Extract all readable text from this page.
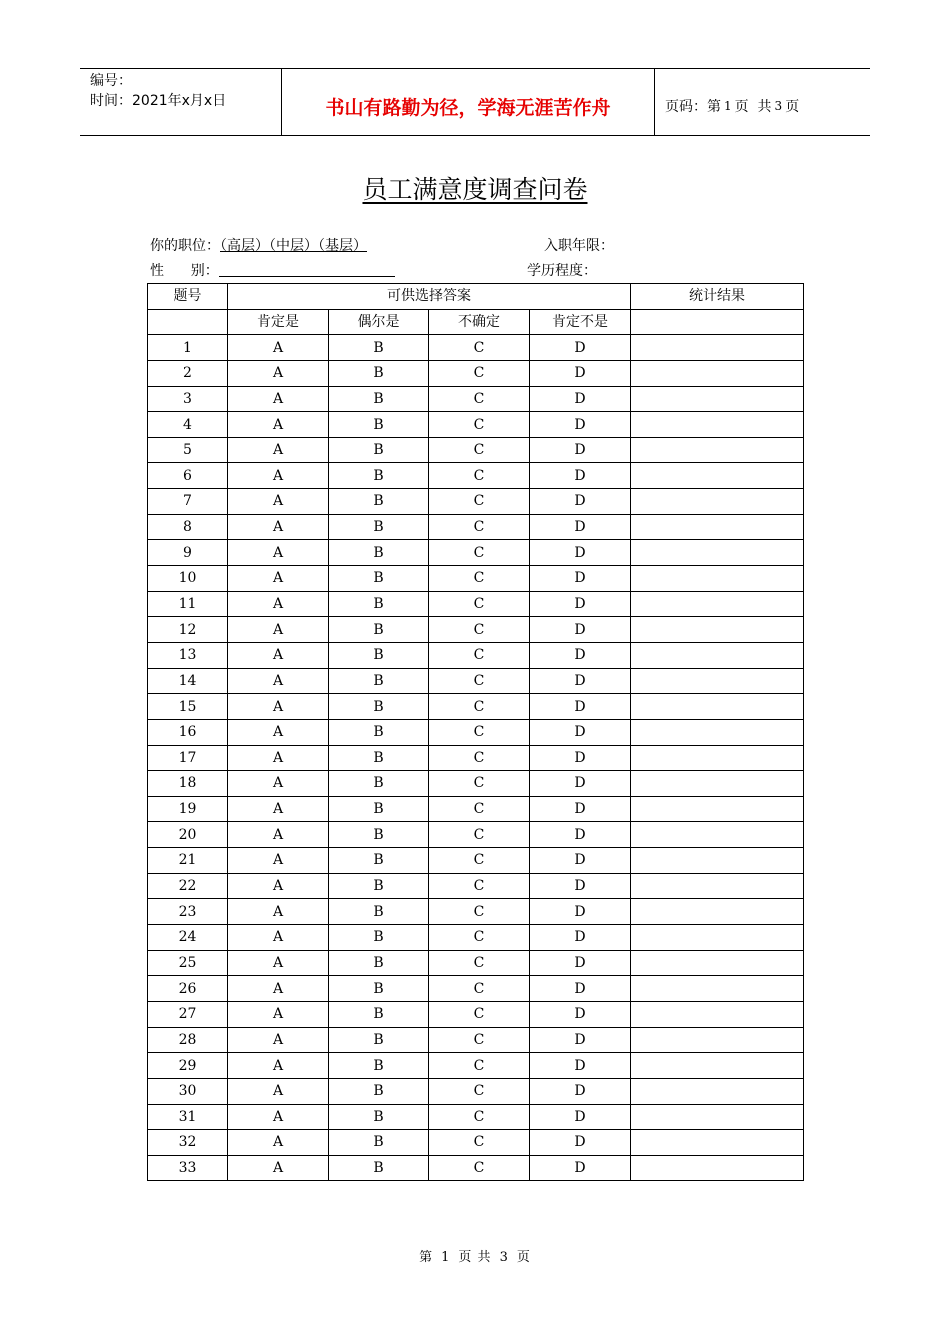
编号：
时间：2021年x月x日	书山有路勤为径，学海无涯苦作舟	页码：第 1 页  共 3 页
员工满意度调查问卷
你的职位：（高层）（中层）（基层）	入职年限：
性      别：	学历程度：
题号	可供选择答案				统计结果
	肯定是	偶尔是	不确定	肯定不是	
1	A	B	C	D	
2	A	B	C	D	
3	A	B	C	D	
4	A	B	C	D	
5	A	B	C	D	
6	A	B	C	D	
7	A	B	C	D	
8	A	B	C	D	
9	A	B	C	D	
10	A	B	C	D	
11	A	B	C	D	
12	A	B	C	D	
13	A	B	C	D	
14	A	B	C	D	
15	A	B	C	D	
16	A	B	C	D	
17	A	B	C	D	
18	A	B	C	D	
19	A	B	C	D	
20	A	B	C	D	
21	A	B	C	D	
22	A	B	C	D	
23	A	B	C	D	
24	A	B	C	D	
25	A	B	C	D	
26	A	B	C	D	
27	A	B	C	D	
28	A	B	C	D	
29	A	B	C	D	
30	A	B	C	D	
31	A	B	C	D	
32	A	B	C	D	
33	A	B	C	D	
第 1 页 共 3 页
